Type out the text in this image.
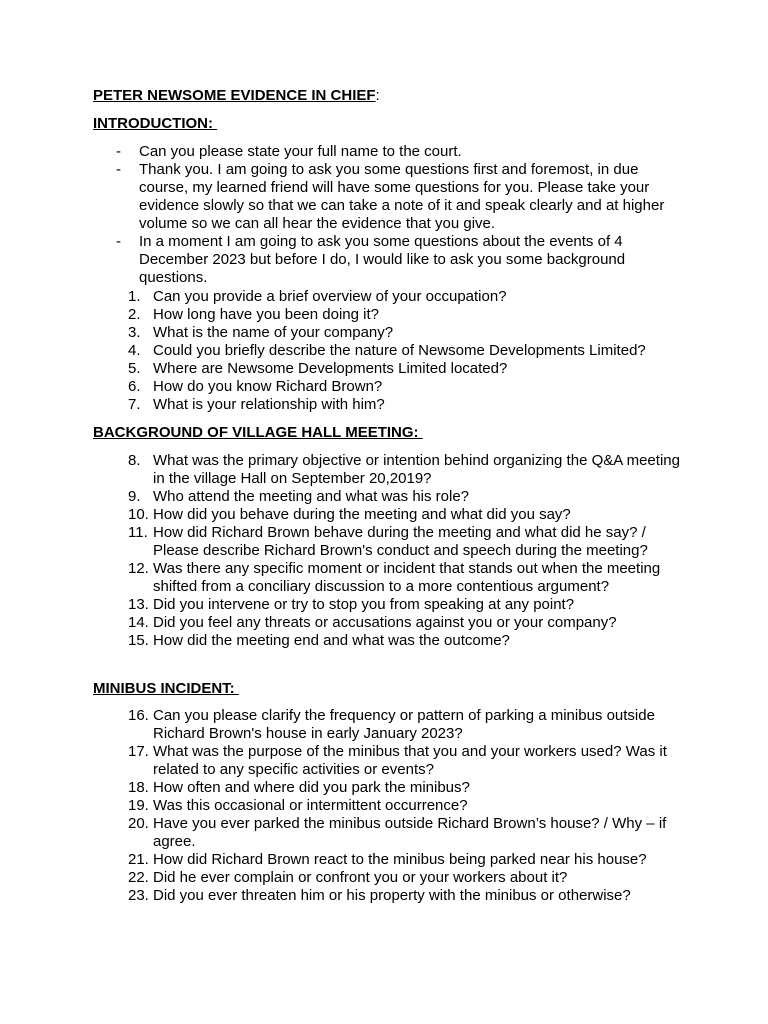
PETER NEWSOME EVIDENCE IN CHIEF:
INTRODUCTION:
- Can you please state your full name to the court.
- Thank you. I am going to ask you some questions first and foremost, in due course, my learned friend will have some questions for you. Please take your evidence slowly so that we can take a note of it and speak clearly and at higher volume so we can all hear the evidence that you give.
- In a moment I am going to ask you some questions about the events of 4 December 2023 but before I do, I would like to ask you some background questions.
1. Can you provide a brief overview of your occupation?
2. How long have you been doing it?
3. What is the name of your company?
4. Could you briefly describe the nature of Newsome Developments Limited?
5. Where are Newsome Developments Limited located?
6. How do you know Richard Brown?
7. What is your relationship with him?
BACKGROUND OF VILLAGE HALL MEETING:
8. What was the primary objective or intention behind organizing the Q&A meeting in the village Hall on September 20,2019?
9. Who attend the meeting and what was his role?
10. How did you behave during the meeting and what did you say?
11. How did Richard Brown behave during the meeting and what did he say? / Please describe Richard Brown's conduct and speech during the meeting?
12. Was there any specific moment or incident that stands out when the meeting shifted from a conciliary discussion to a more contentious argument?
13. Did you intervene or try to stop you from speaking at any point?
14. Did you feel any threats or accusations against you or your company?
15. How did the meeting end and what was the outcome?
MINIBUS INCIDENT:
16. Can you please clarify the frequency or pattern of parking a minibus outside Richard Brown's house in early January 2023?
17. What was the purpose of the minibus that you and your workers used? Was it related to any specific activities or events?
18. How often and where did you park the minibus?
19. Was this occasional or intermittent occurrence?
20. Have you ever parked the minibus outside Richard Brown’s house? / Why – if agree.
21. How did Richard Brown react to the minibus being parked near his house?
22. Did he ever complain or confront you or your workers about it?
23. Did you ever threaten him or his property with the minibus or otherwise?
